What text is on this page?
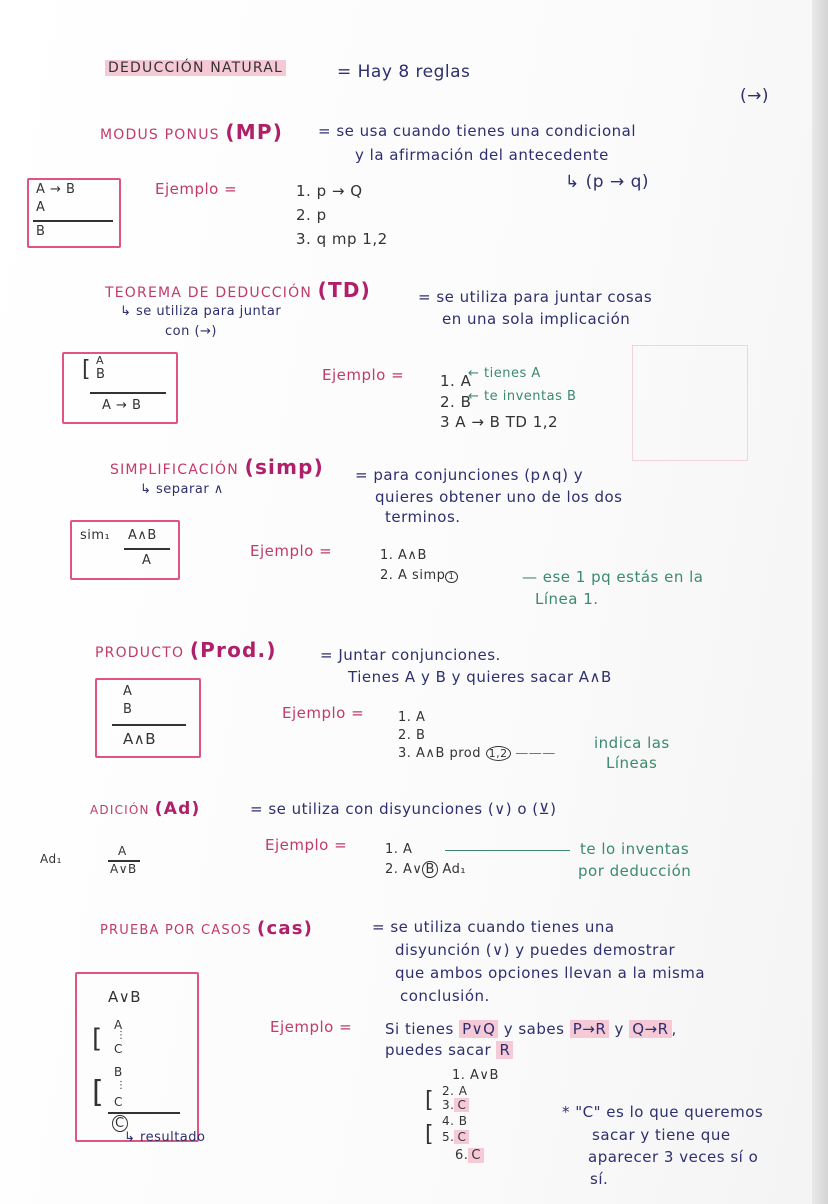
DEDUCCIÓN NATURAL	= Hay 8 reglas
(→)
MODUS PONUS (MP) = se usa cuando tienes una condicional
y la afirmación del antecedente
↳ (p → q)
A → B
A
B
Ejemplo =	1. p → Q
2. p
3. q mp 1,2
TEOREMA DE DEDUCCIÓN (TD)	= se utiliza para juntar cosas
en una sola implicación
↳ se utiliza para juntar
con (→)
[ A
B
A → B
Ejemplo = 1. A
2. B
3 A → B TD 1,2
← tienes A
← te inventas B
SIMPLIFICACIÓN (simp) = para conjunciones (p∧q) y
quieres obtener uno de los dos
terminos.
↳ separar ∧
sim₁ A∧B
A
Ejemplo =	1. A∧B
2. A simp 1	— ese 1 pq estás en la
Línea 1.
PRODUCTO (Prod.)	= Juntar conjunciones.
Tienes A y B y quieres sacar A∧B
A
B
A∧B
Ejemplo =	1. A
2. B
3. A∧B prod 1,2 ———
indica las
Líneas
ADICIÓN (Ad)	= se utiliza con disyunciones (∨) o (⊻)
Ad₁
A
A∨B
Ejemplo =	1. A
2. A∨ B Ad₁
te lo inventas
por deducción
PRUEBA POR CASOS (cas)	= se utiliza cuando tienes una
disyunción (∨) y puedes demostrar
que ambos opciones llevan a la misma
conclusión.
A∨B
[ A
⋮
C
[
B
⋮
C
C
↳ resultado
Ejemplo = Si tienes P∨Q y sabes P→R y Q→R ,
puedes sacar R
1. A∨B
[ 2. A
3. C
[
4. B
5. C
6. C
* "C" es lo que queremos
sacar y tiene que
aparecer 3 veces sí o
sí.
